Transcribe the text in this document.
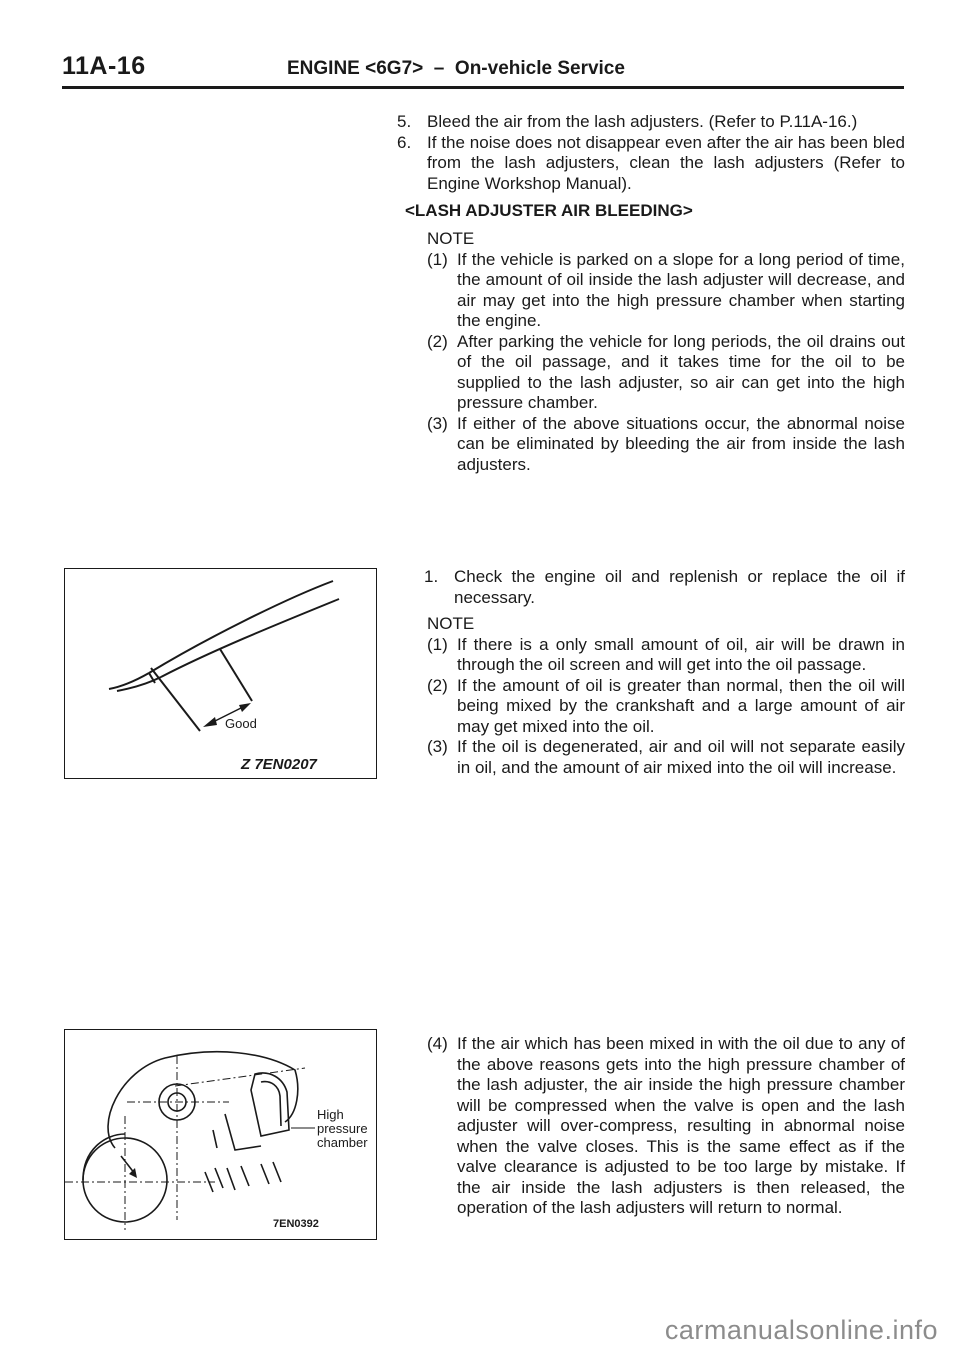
11A-16	ENGINE <6G7>  –  On-vehicle Service
5. Bleed the air from the lash adjusters. (Refer to P.11A-16.)
6. If the noise does not disappear even after the air has been bled from the lash adjusters, clean the lash adjusters (Refer to Engine Workshop Manual).
<LASH ADJUSTER AIR BLEEDING>
NOTE
(1) If the vehicle is parked on a slope for a long period of time, the amount of oil inside the lash adjuster will decrease, and air may get into the high pressure chamber when starting the engine.
(2) After parking the vehicle for long periods, the oil drains out of the oil passage, and it takes time for the oil to be supplied to the lash adjuster, so air can get into the high pressure chamber.
(3) If either of the above situations occur, the abnormal noise can be eliminated by bleeding the air from inside the lash adjusters.
1. Check the engine oil and replenish or replace the oil if necessary.
NOTE
(1) If there is a only small amount of oil, air will be drawn in through the oil screen and will get into the oil passage.
(2) If the amount of oil is greater than normal, then the oil will being mixed by the crankshaft and a large amount of air may get mixed into the oil.
(3) If the oil is degenerated, air and oil will not separate easily in oil, and the amount of air mixed into the oil will increase.
(4) If the air which has been mixed in with the oil due to any of the above reasons gets into the high pressure chamber of the lash adjuster, the air inside the high pressure chamber will be compressed when the valve is open and the lash adjuster will over-compress, resulting in abnormal noise when the valve closes. This is the same effect as if the valve clearance is adjusted to be too large by mistake. If the air inside the lash adjusters is then released, the operation of the lash adjusters will return to normal.
Good
Z 7EN0207
High
pressure
chamber
7EN0392
carmanualsonline.info
